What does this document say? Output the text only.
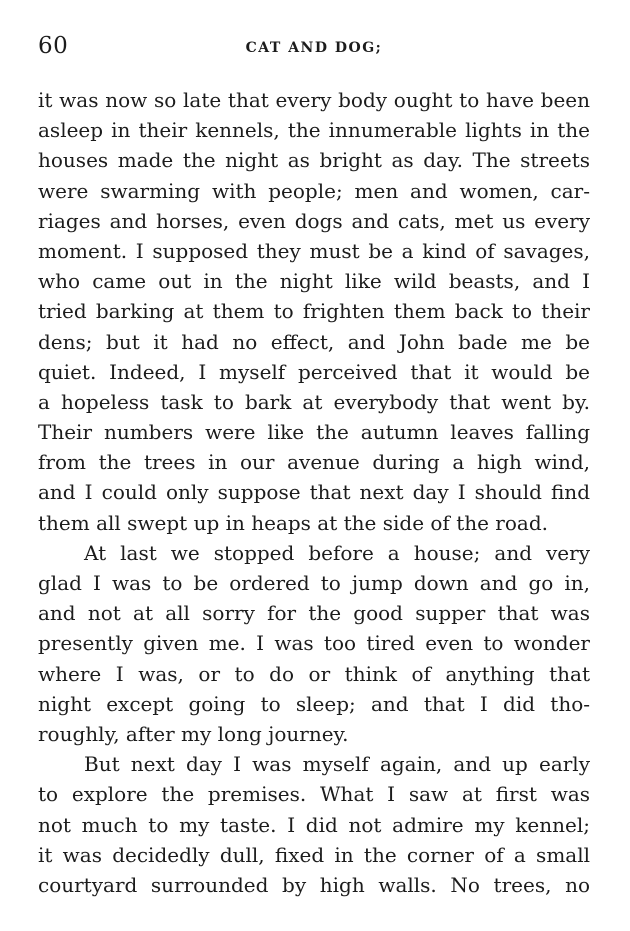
60	CAT AND DOG;
it was now so late that every body ought to have been
asleep in their kennels, the innumerable lights in the
houses made the night as bright as day. The streets
were swarming with people; men and women, car-
riages and horses, even dogs and cats, met us every
moment. I supposed they must be a kind of savages,
who came out in the night like wild beasts, and I
tried barking at them to frighten them back to their
dens; but it had no effect, and John bade me be
quiet. Indeed, I myself perceived that it would be
a hopeless task to bark at everybody that went by.
Their numbers were like the autumn leaves falling
from the trees in our avenue during a high wind,
and I could only suppose that next day I should find
them all swept up in heaps at the side of the road.
At last we stopped before a house; and very
glad I was to be ordered to jump down and go in,
and not at all sorry for the good supper that was
presently given me. I was too tired even to wonder
where I was, or to do or think of anything that
night except going to sleep; and that I did tho-
roughly, after my long journey.
But next day I was myself again, and up early
to explore the premises. What I saw at first was
not much to my taste. I did not admire my kennel;
it was decidedly dull, fixed in the corner of a small
courtyard surrounded by high walls. No trees, no
